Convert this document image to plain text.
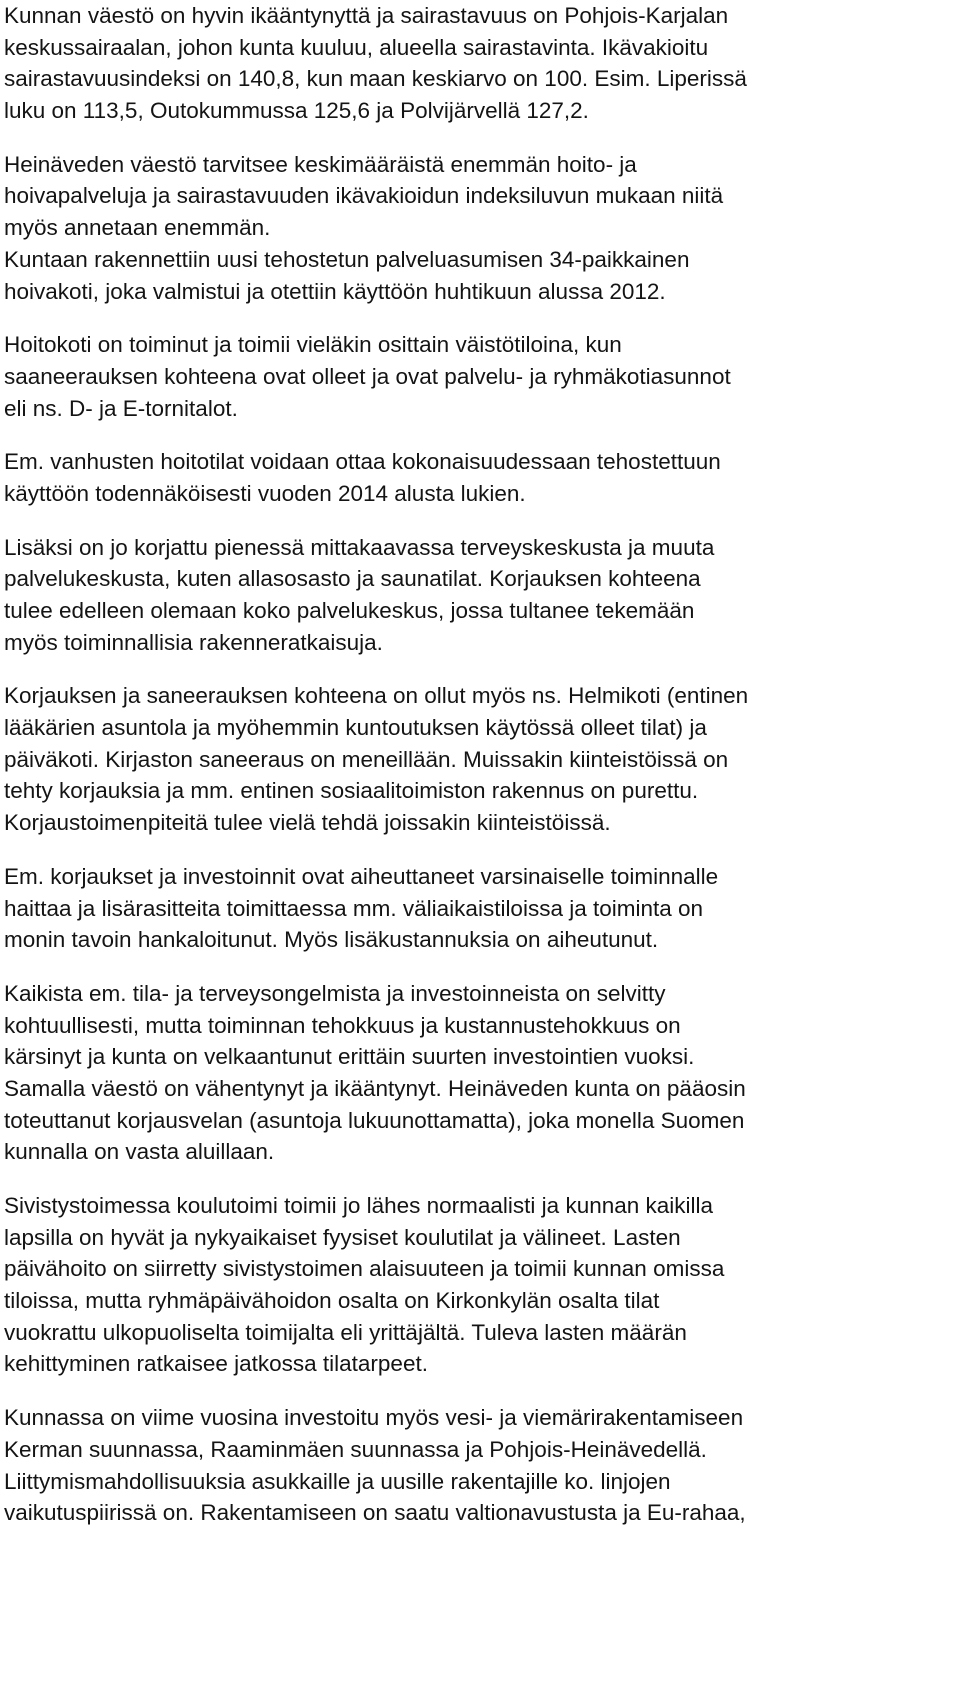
Kunnan väestö on hyvin ikääntynyttä ja sairastavuus on Pohjois-Karjalan
keskussairaalan, johon kunta kuuluu, alueella sairastavinta. Ikävakioitu
sairastavuusindeksi on 140,8, kun maan keskiarvo on 100. Esim. Liperissä
luku on 113,5, Outokummussa 125,6 ja Polvijärvellä 127,2.
Heinäveden väestö tarvitsee keskimääräistä enemmän hoito- ja
hoivapalveluja ja sairastavuuden ikävakioidun indeksiluvun mukaan niitä
myös annetaan enemmän.
Kuntaan rakennettiin uusi tehostetun palveluasumisen 34-paikkainen
hoivakoti, joka valmistui ja otettiin käyttöön huhtikuun alussa 2012.
Hoitokoti on toiminut ja toimii vieläkin osittain väistötiloina, kun
saaneerauksen kohteena ovat olleet ja ovat palvelu- ja ryhmäkotiasunnot
eli ns. D- ja E-tornitalot.
Em. vanhusten hoitotilat voidaan ottaa kokonaisuudessaan tehostettuun
käyttöön todennäköisesti vuoden 2014 alusta lukien.
Lisäksi on jo korjattu pienessä mittakaavassa terveyskeskusta ja muuta
palvelukeskusta, kuten allasosasto ja saunatilat. Korjauksen kohteena
tulee edelleen olemaan koko palvelukeskus, jossa tultanee tekemään
myös toiminnallisia rakenneratkaisuja.
Korjauksen ja saneerauksen kohteena on ollut myös ns. Helmikoti (entinen
lääkärien asuntola ja myöhemmin kuntoutuksen käytössä olleet tilat) ja
päiväkoti. Kirjaston saneeraus on meneillään. Muissakin kiinteistöissä on
tehty korjauksia ja mm. entinen sosiaalitoimiston rakennus on purettu.
Korjaustoimenpiteitä tulee vielä tehdä joissakin kiinteistöissä.
Em. korjaukset ja investoinnit ovat aiheuttaneet varsinaiselle toiminnalle
haittaa ja lisärasitteita toimittaessa mm. väliaikaistiloissa ja toiminta on
monin tavoin hankaloitunut. Myös lisäkustannuksia on aiheutunut.
Kaikista em. tila- ja terveysongelmista ja investoinneista on selvitty
kohtuullisesti, mutta toiminnan tehokkuus ja kustannustehokkuus on
kärsinyt ja kunta on velkaantunut erittäin suurten investointien vuoksi.
Samalla väestö on vähentynyt ja ikääntynyt. Heinäveden kunta on pääosin
toteuttanut korjausvelan (asuntoja lukuunottamatta), joka monella Suomen
kunnalla on vasta aluillaan.
Sivistystoimessa koulutoimi toimii jo lähes normaalisti ja kunnan kaikilla
lapsilla on hyvät ja nykyaikaiset fyysiset koulutilat ja välineet. Lasten
päivähoito on siirretty sivistystoimen alaisuuteen ja toimii kunnan omissa
tiloissa, mutta ryhmäpäivähoidon osalta on Kirkonkylän osalta tilat
vuokrattu ulkopuoliselta toimijalta eli yrittäjältä. Tuleva lasten määrän
kehittyminen ratkaisee jatkossa tilatarpeet.
Kunnassa on viime vuosina investoitu myös vesi- ja viemärirakentamiseen
Kerman suunnassa, Raaminmäen suunnassa ja Pohjois-Heinävedellä.
Liittymismahdollisuuksia asukkaille ja uusille rakentajille ko. linjojen
vaikutuspiirissä on. Rakentamiseen on saatu valtionavustusta ja Eu-rahaa,
